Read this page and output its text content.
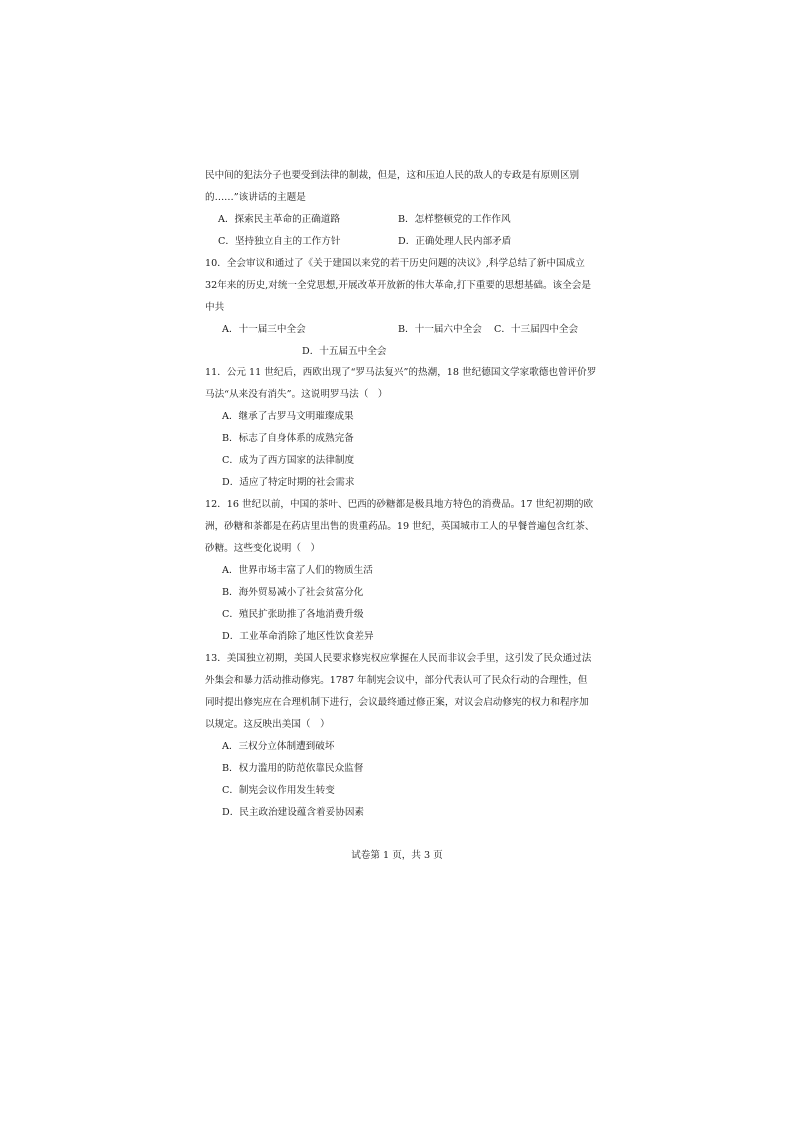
民中间的犯法分子也要受到法律的制裁，但是，这和压迫人民的敌人的专政是有原则区别
的……”该讲话的主题是
A．探索民主革命的正确道路	B．怎样整顿党的工作作风
C．坚持独立自主的工作方针	D．正确处理人民内部矛盾
10．全会审议和通过了《关于建国以来党的若干历史问题的决议》,科学总结了新中国成立
32年来的历史,对统一全党思想,开展改革开放新的伟大革命,打下重要的思想基础。该全会是
中共
A．十一届三中全会	B．十一届六中全会 C．十三届四中全会
D．十五届五中全会
11．公元 11 世纪后，西欧出现了“罗马法复兴”的热潮，18 世纪德国文学家歌德也曾评价罗
马法“从来没有消失”。这说明罗马法（　）
A．继承了古罗马文明璀璨成果
B．标志了自身体系的成熟完备
C．成为了西方国家的法律制度
D．适应了特定时期的社会需求
12．16 世纪以前，中国的茶叶、巴西的砂糖都是极具地方特色的消费品。17 世纪初期的欧
洲，砂糖和茶都是在药店里出售的贵重药品。19 世纪，英国城市工人的早餐普遍包含红茶、
砂糖。这些变化说明（　）
A．世界市场丰富了人们的物质生活
B．海外贸易减小了社会贫富分化
C．殖民扩张助推了各地消费升级
D．工业革命消除了地区性饮食差异
13．美国独立初期，美国人民要求修宪权应掌握在人民而非议会手里，这引发了民众通过法
外集会和暴力活动推动修宪。1787 年制宪会议中，部分代表认可了民众行动的合理性，但
同时提出修宪应在合理机制下进行，会议最终通过修正案，对议会启动修宪的权力和程序加
以规定。这反映出美国（　）
A．三权分立体制遭到破坏
B．权力滥用的防范依靠民众监督
C．制宪会议作用发生转变
D．民主政治建设蕴含着妥协因素
试卷第 1 页，共 3 页
